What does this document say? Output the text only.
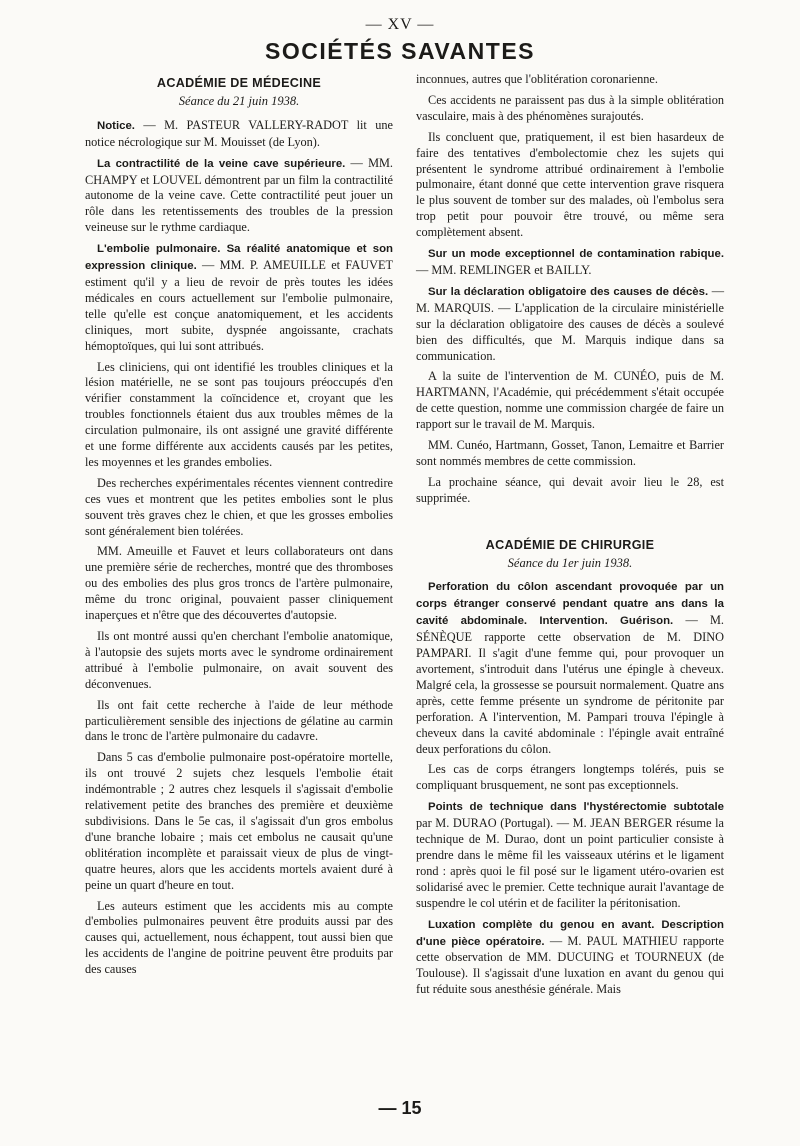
— XV —
SOCIÉTÉS SAVANTES
ACADÉMIE DE MÉDECINE
Séance du 21 juin 1938.

Notice. — M. PASTEUR VALLERY-RADOT lit une notice nécrologique sur M. Mouisset (de Lyon).

La contractilité de la veine cave supérieure. — MM. CHAMPY et LOUVEL démontrent par un film la contractilité autonome de la veine cave. Cette contractilité peut jouer un rôle dans les retentissements des troubles de la pression veineuse sur le rythme cardiaque.

L'embolie pulmonaire. Sa réalité anatomique et son expression clinique. — MM. P. AMEUILLE et FAUVET estiment qu'il y a lieu de revoir de près toutes les idées médicales en cours actuellement sur l'embolie pulmonaire, telle qu'elle est conçue anatomiquement, et les accidents cliniques, mort subite, dyspnée angoissante, crachats hémoptoïques, qui lui sont attribués.

Les cliniciens, qui ont identifié les troubles cliniques et la lésion matérielle, ne se sont pas toujours préoccupés d'en vérifier constamment la coïncidence et, croyant que les troubles fonctionnels étaient dus aux troubles mêmes de la circulation pulmonaire, ils ont assigné une gravité différente et une forme différente aux accidents causés par les petites, les moyennes et les grandes embolies.

Des recherches expérimentales récentes viennent contredire ces vues et montrent que les petites embolies sont le plus souvent très graves chez le chien, et que les grosses embolies sont généralement bien tolérées.

MM. Ameuille et Fauvet et leurs collaborateurs ont dans une première série de recherches, montré que des thromboses ou des embolies des plus gros troncs de l'artère pulmonaire, même du tronc original, pouvaient passer cliniquement inaperçues et n'être que des découvertes d'autopsie.

Ils ont montré aussi qu'en cherchant l'embolie anatomique, à l'autopsie des sujets morts avec le syndrome ordinairement attribué à l'embolie pulmonaire, on avait souvent des déconvenues.

Ils ont fait cette recherche à l'aide de leur méthode particulièrement sensible des injections de gélatine au carmin dans le tronc de l'artère pulmonaire du cadavre.

Dans 5 cas d'embolie pulmonaire post-opératoire mortelle, ils ont trouvé 2 sujets chez lesquels l'embolie était indémontrable ; 2 autres chez lesquels il s'agissait d'embolie relativement petite des branches des première et deuxième subdivisions. Dans le 5e cas, il s'agissait d'un gros embolus d'une branche lobaire ; mais cet embolus ne causait qu'une oblitération incomplète et paraissait vieux de plus de vingt-quatre heures, alors que les accidents mortels avaient duré à peine un quart d'heure en tout.

Les auteurs estiment que les accidents mis au compte d'embolies pulmonaires peuvent être produits aussi par des causes qui, actuellement, nous échappent, tout aussi bien que les accidents de l'angine de poitrine peuvent être produits par des causes

inconnues, autres que l'oblitération coronarienne.

Ces accidents ne paraissent pas dus à la simple oblitération vasculaire, mais à des phénomènes surajoutés.

Ils concluent que, pratiquement, il est bien hasardeux de faire des tentatives d'embolectomie chez les sujets qui présentent le syndrome attribué ordinairement à l'embolie pulmonaire, étant donné que cette intervention grave risquera le plus souvent de tomber sur des malades, où l'embolus sera trop petit pour pouvoir être trouvé, ou même sera complètement absent.

Sur un mode exceptionnel de contamination rabique. — MM. REMLINGER et BAILLY.

Sur la déclaration obligatoire des causes de décès. — M. MARQUIS. — L'application de la circulaire ministérielle sur la déclaration obligatoire des causes de décès a soulevé bien des difficultés, que M. Marquis indique dans sa communication.

A la suite de l'intervention de M. CUNÉO, puis de M. HARTMANN, l'Académie, qui précédemment s'était occupée de cette question, nomme une commission chargée de faire un rapport sur le travail de M. Marquis.

MM. Cunéo, Hartmann, Gosset, Tanon, Lemaitre et Barrier sont nommés membres de cette commission.

La prochaine séance, qui devait avoir lieu le 28, est supprimée.

ACADÉMIE DE CHIRURGIE
Séance du 1er juin 1938.

Perforation du côlon ascendant provoquée par un corps étranger conservé pendant quatre ans dans la cavité abdominale. Intervention. Guérison. — M. SÉNÈQUE rapporte cette observation de M. DINO PAMPARI. Il s'agit d'une femme qui, pour provoquer un avortement, s'introduit dans l'utérus une épingle à cheveux. Malgré cela, la grossesse se poursuit normalement. Quatre ans après, cette femme présente un syndrome de péritonite par perforation. A l'intervention, M. Pampari trouva l'épingle à cheveux dans la cavité abdominale : l'épingle avait entraîné deux perforations du côlon.

Les cas de corps étrangers longtemps tolérés, puis se compliquant brusquement, ne sont pas exceptionnels.

Points de technique dans l'hystérectomie subtotale par M. DURAO (Portugal). — M. JEAN BERGER résume la technique de M. Durao, dont un point particulier consiste à prendre dans le même fil les vaisseaux utérins et le ligament rond : après quoi le fil posé sur le ligament utéro-ovarien est solidarisé avec le premier. Cette technique aurait l'avantage de suspendre le col utérin et de faciliter la péritonisation.

Luxation complète du genou en avant. Description d'une pièce opératoire. — M. PAUL MATHIEU rapporte cette observation de MM. DUCUING et TOURNEUX (de Toulouse). Il s'agissait d'une luxation en avant du genou qui fut réduite sous anesthésie générale. Mais

— 15
